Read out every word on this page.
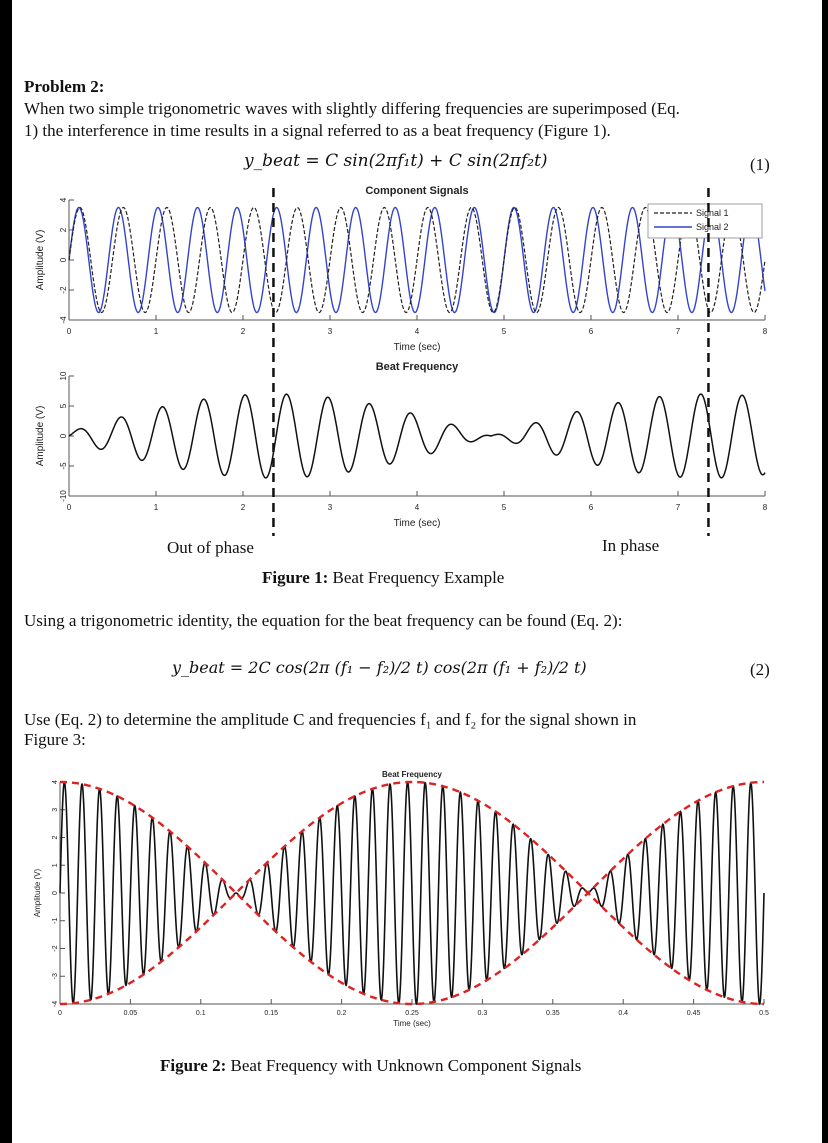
Problem 2:
When two simple trigonometric waves with slightly differing frequencies are superimposed (Eq.
1) the interference in time results in a signal referred to as a beat frequency (Figure 1).
y_beat = C sin(2πf₁t) + C sin(2πf₂t)	(1)
0	1	2	3	4	5	6	7	8
4
2
0
-2
-4
Time (sec)
Amplitude (V)
Component Signals
Signal 1
Signal 2
0	1	2	3	4	5	6	7	8
10
5
0
-5
-10
Time (sec)
Amplitude (V)
Beat Frequency
Out of phase	In phase
Figure 1: Beat Frequency Example
Using a trigonometric identity, the equation for the beat frequency can be found (Eq. 2):
y_beat = 2C cos(2π (f₁ − f₂)/2 t) cos(2π (f₁ + f₂)/2 t)	(2)
Use (Eq. 2) to determine the amplitude C and frequencies f₁ and f₂ for the signal shown in
Figure 3:
0	0.05	0.1	0.15	0.2	0.25	0.3	0.35	0.4	0.45	0.5
4
3
2
1
0
-1
-2
-3
-4
Time (sec)
Amplitude (V)
Beat Frequency
Figure 2: Beat Frequency with Unknown Component Signals
